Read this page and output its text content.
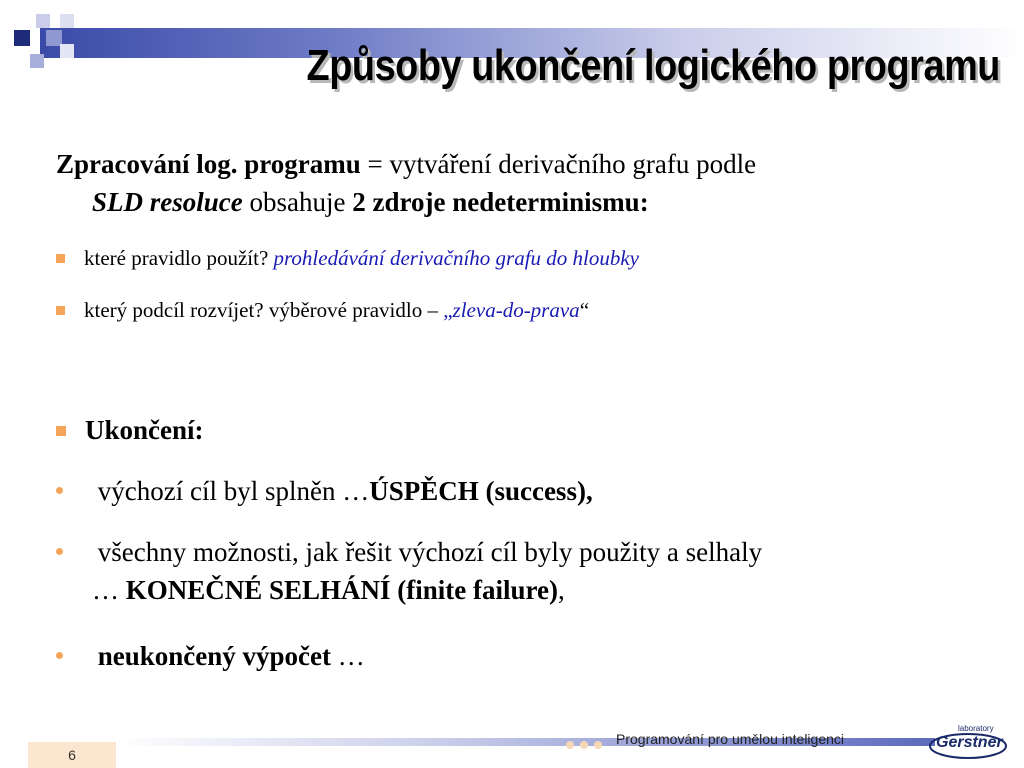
Způsoby ukončení logického programu
Zpracování log. programu = vytváření derivačního grafu podle
SLD resoluce obsahuje 2 zdroje nedeterminismu:
které pravidlo použít? prohledávání derivačního grafu do hloubky
který podcíl rozvíjet? výběrové pravidlo – „zleva-do-prava“
Ukončení:
výchozí cíl byl splněn …ÚSPĚCH (success),
všechny možnosti, jak řešit výchozí cíl byly použity a selhaly
… KONEČNÉ SELHÁNÍ (finite failure),
neukončený výpočet …
6
Programování pro umělou inteligenci
laboratory
Gerstner
